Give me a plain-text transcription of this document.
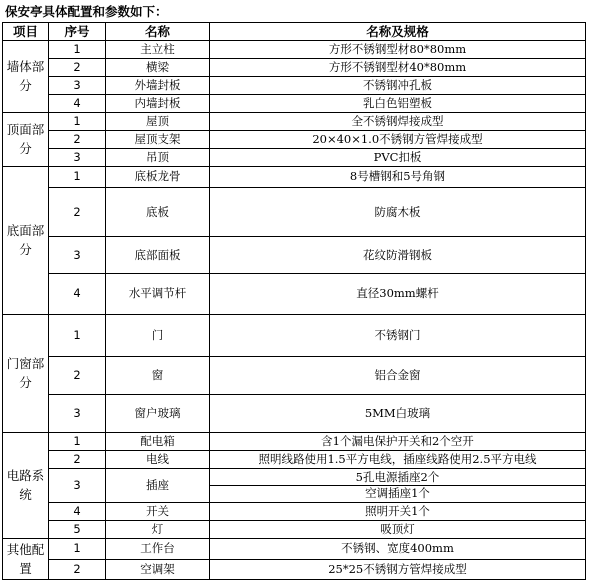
保安亭具体配置和参数如下：
项目	序号	名称	名称及规格
墙体部分	1	主立柱	方形不锈钢型材80*80mm
	2	横梁	方形不锈钢型材40*80mm
	3	外墙封板	不锈钢冲孔板
	4	内墙封板	乳白色铝塑板
顶面部分	1	屋顶	全不锈钢焊接成型
	2	屋顶支架	20×40×1.0不锈钢方管焊接成型
	3	吊顶	PVC扣板
底面部分	1	底板龙骨	8号槽钢和5号角钢
	2	底板	防腐木板
	3	底部面板	花纹防滑钢板
	4	水平调节杆	直径30mm螺杆
门窗部分	1	门	不锈钢门
	2	窗	铝合金窗
	3	窗户玻璃	5MM白玻璃
电路系统	1	配电箱	含1个漏电保护开关和2个空开
	2	电线	照明线路使用1.5平方电线，插座线路使用2.5平方电线
	3	插座	5孔电源插座2个
空调插座1个

	4	开关	照明开关1个
	5	灯	吸顶灯
其他配置	1	工作台	不锈钢、宽度400mm
	2	空调架	25*25不锈钢方管焊接成型
